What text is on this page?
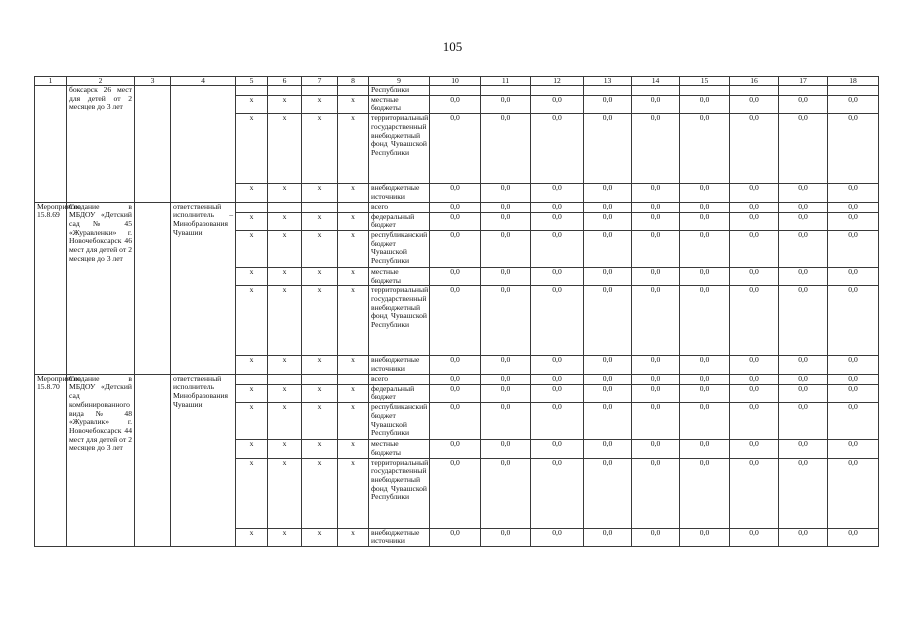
105
1	2	3	4	5	6	7	8	9	10	11	12	13	14	15	16	17	18
	боксарск 26 мест для детей от 2 месяцев до 3 лет							Республики									
				x	x	x	x	местные бюджеты	0,0	0,0	0,0	0,0	0,0	0,0	0,0	0,0	0,0
				x	x	x	x	территориальный государственный внебюджетный фонд Чувашской Республики	0,0	0,0	0,0	0,0	0,0	0,0	0,0	0,0	0,0
				x	x	x	x	внебюджетные источники	0,0	0,0	0,0	0,0	0,0	0,0	0,0	0,0	0,0
Мероприятие 15.8.69	Создание в МБДОУ «Детский сад № 45 «Журавленки» г. Новочебоксарск 46 мест для детей от 2 месяцев до 3 лет		ответственный исполнитель – Минобразования Чувашии					всего	0,0	0,0	0,0	0,0	0,0	0,0	0,0	0,0	0,0
				x	x	x	x	федеральный бюджет	0,0	0,0	0,0	0,0	0,0	0,0	0,0	0,0	0,0
				x	x	x	x	республиканский бюджет Чувашской Республики	0,0	0,0	0,0	0,0	0,0	0,0	0,0	0,0	0,0
				x	x	x	x	местные бюджеты	0,0	0,0	0,0	0,0	0,0	0,0	0,0	0,0	0,0
				x	x	x	x	территориальный государственный внебюджетный фонд Чувашской Республики	0,0	0,0	0,0	0,0	0,0	0,0	0,0	0,0	0,0
				x	x	x	x	внебюджетные источники	0,0	0,0	0,0	0,0	0,0	0,0	0,0	0,0	0,0
Мероприятие 15.8.70	Создание в МБДОУ «Детский сад комбинированного вида № 48 «Журавлик» г. Новочебоксарск 44 мест для детей от 2 месяцев до 3 лет		ответственный исполнитель Минобразования Чувашии					всего	0,0	0,0	0,0	0,0	0,0	0,0	0,0	0,0	0,0
				x	x	x	x	федеральный бюджет	0,0	0,0	0,0	0,0	0,0	0,0	0,0	0,0	0,0
				x	x	x	x	республиканский бюджет Чувашской Республики	0,0	0,0	0,0	0,0	0,0	0,0	0,0	0,0	0,0
				x	x	x	x	местные бюджеты	0,0	0,0	0,0	0,0	0,0	0,0	0,0	0,0	0,0
				x	x	x	x	территориальный государственный внебюджетный фонд Чувашской Республики	0,0	0,0	0,0	0,0	0,0	0,0	0,0	0,0	0,0
				x	x	x	x	внебюджетные источники	0,0	0,0	0,0	0,0	0,0	0,0	0,0	0,0	0,0
